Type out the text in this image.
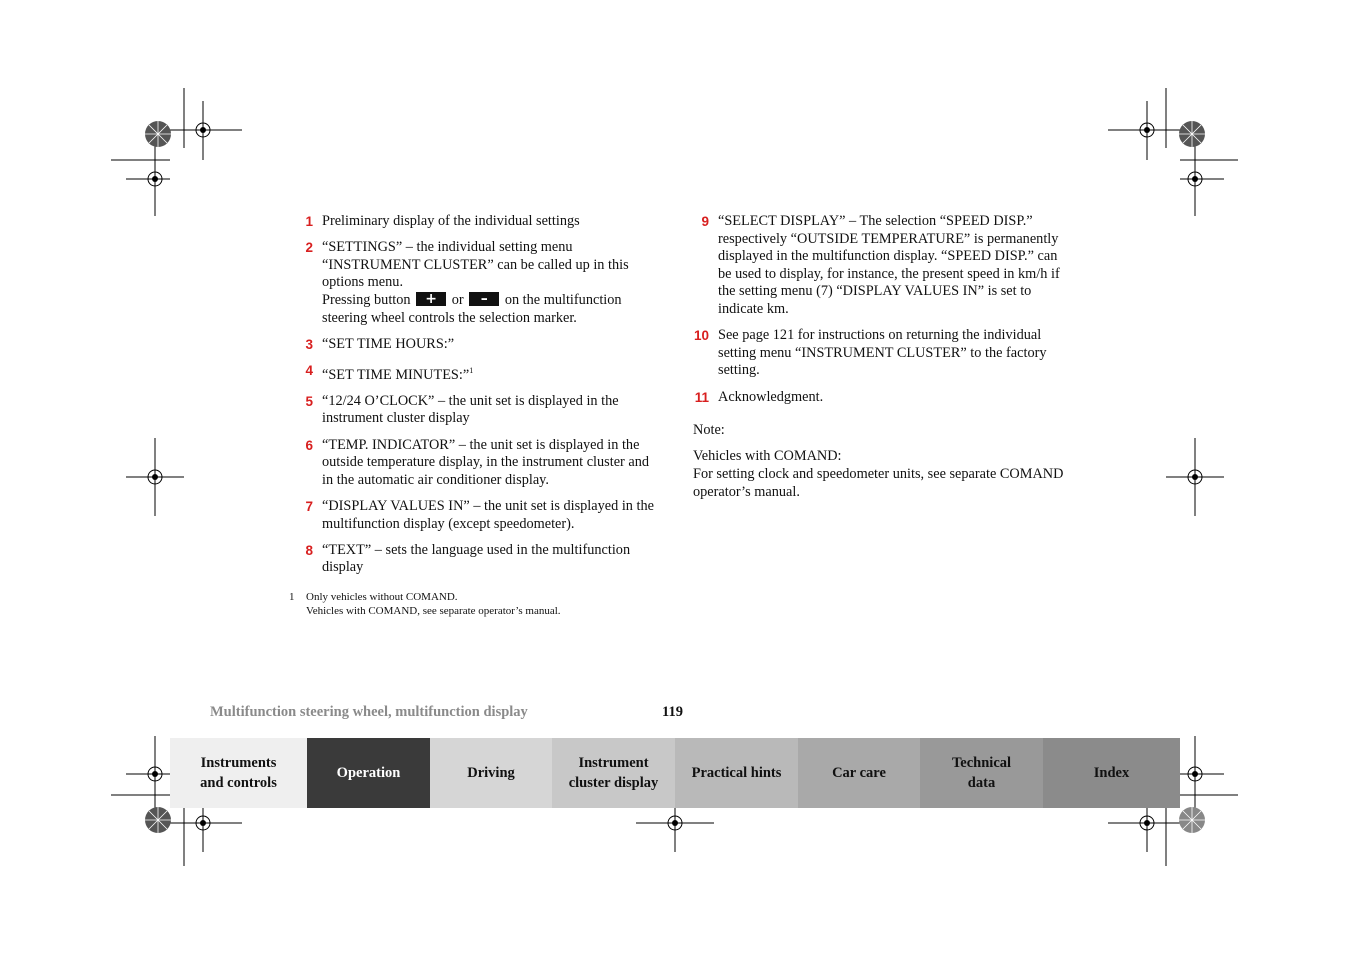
1 Preliminary display of the individual settings
2 “SETTINGS” – the individual setting menu “INSTRUMENT CLUSTER” can be called up in this options menu.
Pressing button	+	or	–	on the multifunction steering wheel controls the selection marker.
3 “SET TIME HOURS:”
4 “SET TIME MINUTES:”$^1$
5 “12/24 O’CLOCK” – the unit set is displayed in the instrument cluster display
6 “TEMP. INDICATOR” – the unit set is displayed in the outside temperature display, in the instrument cluster and in the automatic air conditioner display.
7 “DISPLAY VALUES IN” – the unit set is displayed in the multifunction display (except speedometer).
8 “TEXT” – sets the language used in the multifunction display
1	Only vehicles without COMAND.
Vehicles with COMAND, see separate operator’s manual.
9 “SELECT DISPLAY” – The selection “SPEED DISP.” respectively “OUTSIDE TEMPERATURE” is permanently displayed in the multifunction display. “SPEED DISP.” can be used to display, for instance, the present speed in km/h if the setting menu (7) “DISPLAY VALUES IN” is set to indicate km.
10 See page 121 for instructions on returning the individual setting menu “INSTRUMENT CLUSTER” to the factory setting.
11 Acknowledgment.

Note:

Vehicles with COMAND:
For setting clock and speedometer units, see separate COMAND operator’s manual.

Multifunction steering wheel, multifunction display	119
Instruments
and controls
Operation	Driving
Instrument
cluster display
Practical hints	Car care
Technical
data
Index
